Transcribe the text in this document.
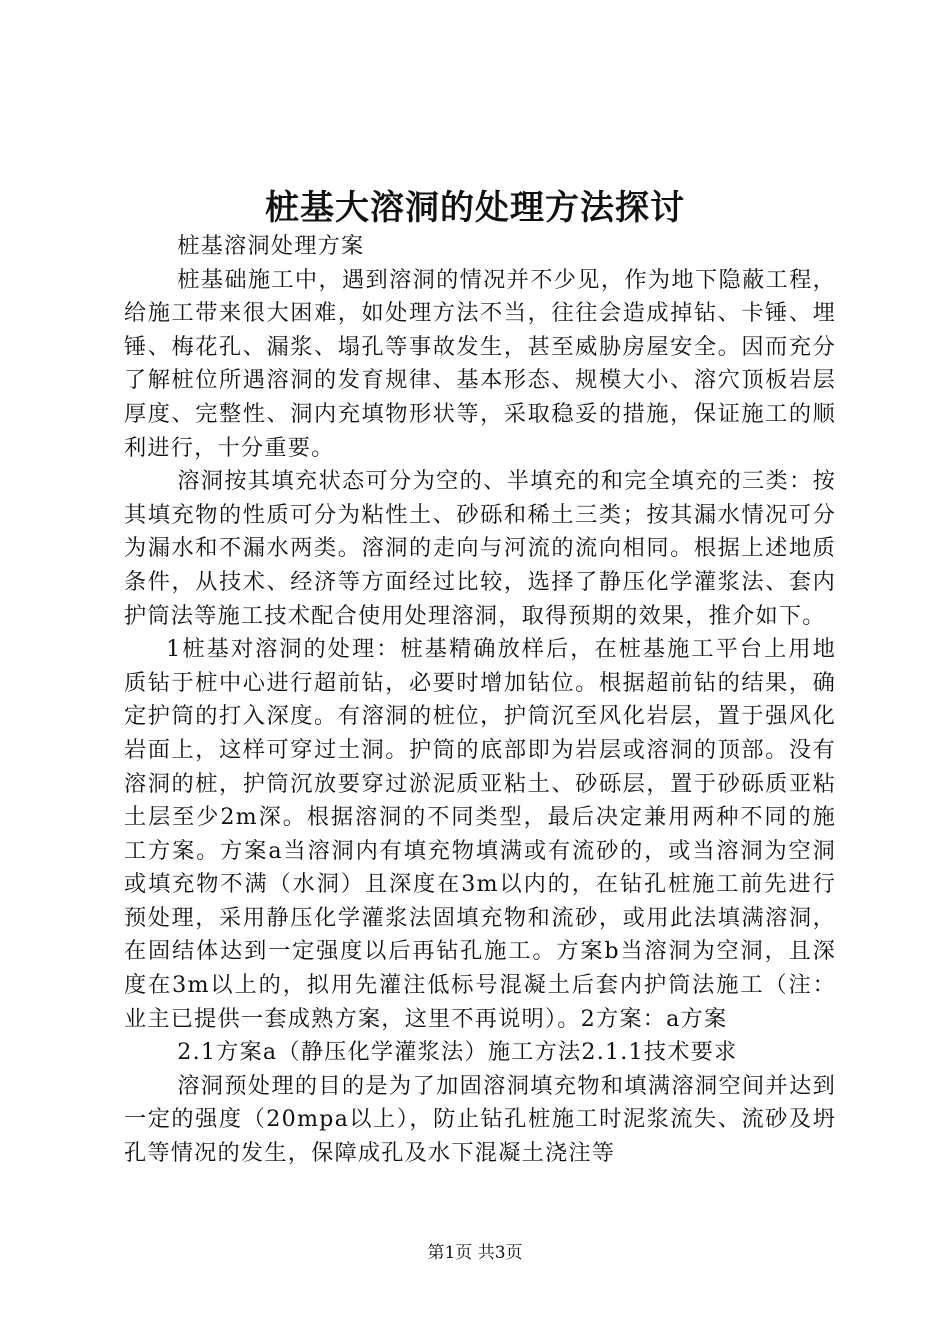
桩基大溶洞的处理方法探讨

桩基溶洞处理方案

桩基础施工中，遇到溶洞的情况并不少见，作为地下隐蔽工程，给施工带来很大困难，如处理方法不当，往往会造成掉钻、卡锤、埋锤、梅花孔、漏浆、塌孔等事故发生，甚至威胁房屋安全。因而充分了解桩位所遇溶洞的发育规律、基本形态、规模大小、溶穴顶板岩层厚度、完整性、洞内充填物形状等，采取稳妥的措施，保证施工的顺利进行，十分重要。

溶洞按其填充状态可分为空的、半填充的和完全填充的三类：按其填充物的性质可分为粘性土、砂砾和稀土三类；按其漏水情况可分为漏水和不漏水两类。溶洞的走向与河流的流向相同。根据上述地质条件，从技术、经济等方面经过比较，选择了静压化学灌浆法、套内护筒法等施工技术配合使用处理溶洞，取得预期的效果，推介如下。

1桩基对溶洞的处理：桩基精确放样后，在桩基施工平台上用地质钻于桩中心进行超前钻，必要时增加钻位。根据超前钻的结果，确定护筒的打入深度。有溶洞的桩位，护筒沉至风化岩层，置于强风化岩面上，这样可穿过土洞。护筒的底部即为岩层或溶洞的顶部。没有溶洞的桩，护筒沉放要穿过淤泥质亚粘土、砂砾层，置于砂砾质亚粘土层至少2m深。根据溶洞的不同类型，最后决定兼用两种不同的施工方案。方案a当溶洞内有填充物填满或有流砂的，或当溶洞为空洞或填充物不满（水洞）且深度在3m以内的，在钻孔桩施工前先进行预处理，采用静压化学灌浆法固填充物和流砂，或用此法填满溶洞，在固结体达到一定强度以后再钻孔施工。方案b当溶洞为空洞，且深度在3m以上的，拟用先灌注低标号混凝土后套内护筒法施工（注：业主已提供一套成熟方案，这里不再说明）。2方案：a方案

2.1方案a（静压化学灌浆法）施工方法2.1.1技术要求

溶洞预处理的目的是为了加固溶洞填充物和填满溶洞空间并达到一定的强度（20mpa以上），防止钻孔桩施工时泥浆流失、流砂及坍孔等情况的发生，保障成孔及水下混凝土浇注等

第1页 共3页
